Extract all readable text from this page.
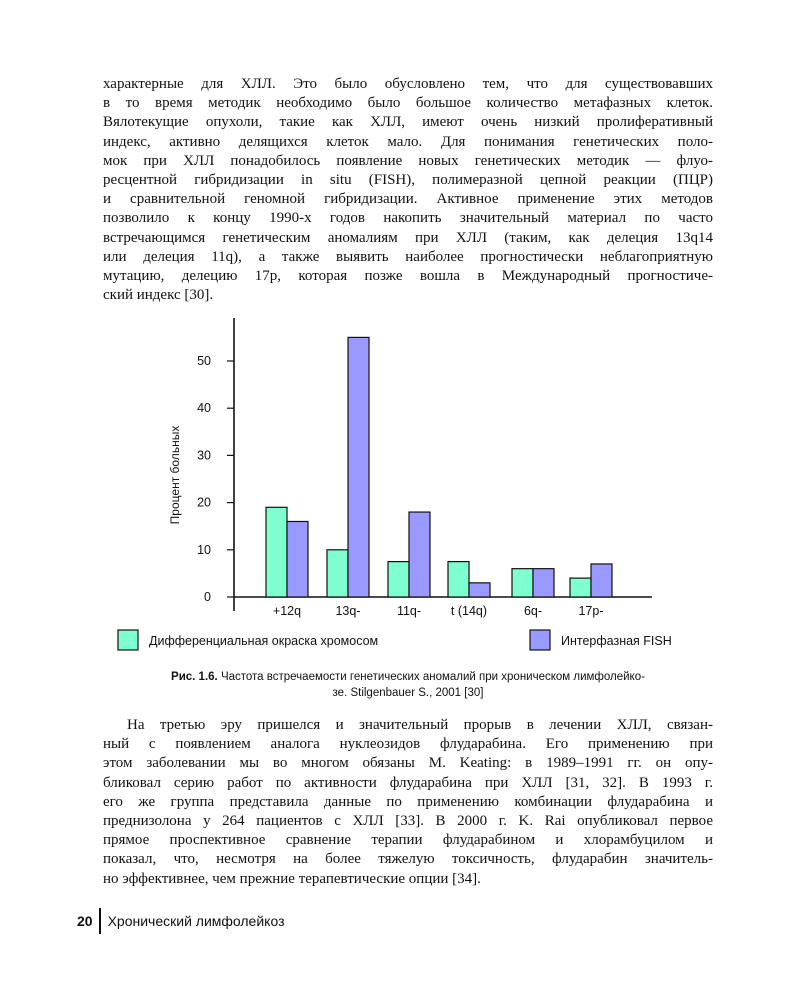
характерные для ХЛЛ. Это было обусловлено тем, что для существовавших
в то время методик необходимо было большое количество метафазных клеток.
Вялотекущие опухоли, такие как ХЛЛ, имеют очень низкий пролиферативный
индекс, активно делящихся клеток мало. Для понимания генетических поло-
мок при ХЛЛ понадобилось появление новых генетических методик — флуо-
ресцентной гибридизации in situ (FISH), полимеразной цепной реакции (ПЦР)
и сравнительной геномной гибридизации. Активное применение этих методов
позволило к концу 1990-х годов накопить значительный материал по часто
встречающимся генетическим аномалиям при ХЛЛ (таким, как делеция 13q14
или делеция 11q), а также выявить наиболее прогностически неблагоприятную
мутацию, делецию 17p, которая позже вошла в Международный прогностиче-
ский индекс [30].
0
10
20
30
40
50
Процент больных
+12q	13q-	11q- t (14q)	6q-	17p-
Дифференциальная окраска хромосом	Интерфазная FISH
Рис. 1.6. Частота встречаемости генетических аномалий при хроническом лимфолейко-
зе. Stilgenbauer S., 2001 [30]
На третью эру пришелся и значительный прорыв в лечении ХЛЛ, связан-
ный с появлением аналога нуклеозидов флударабина. Его применению при
этом заболевании мы во многом обязаны M. Keating: в 1989–1991 гг. он опу-
бликовал серию работ по активности флударабина при ХЛЛ [31, 32]. В 1993 г.
его же группа представила данные по применению комбинации флударабина и
преднизолона у 264 пациентов с ХЛЛ [33]. В 2000 г. K. Rai опубликовал первое
прямое проспективное сравнение терапии флударабином и хлорамбуцилом и
показал, что, несмотря на более тяжелую токсичность, флударабин значитель-
но эффективнее, чем прежние терапевтические опции [34].
20	Хронический лимфолейкоз
